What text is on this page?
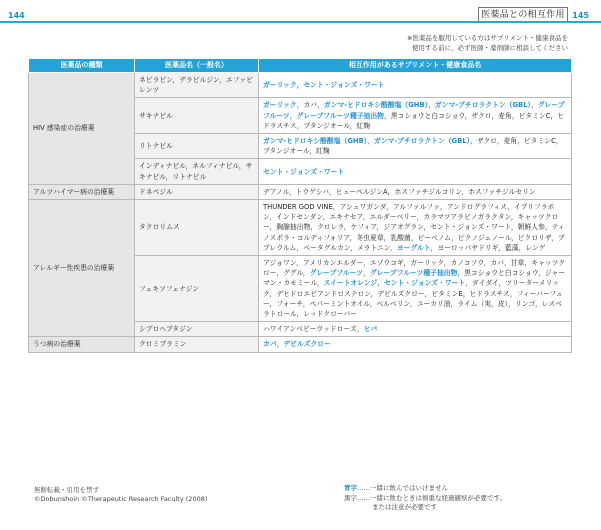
144	医薬品との相互作用 145
※医薬品を服用している方はサプリメント・健康食品を
使用する前に、必ず医師・薬剤師に相談してください
医薬品の種類	医薬品名（一般名）	相互作用があるサプリメント・健康食品名
HIV 感染症の治療薬	ネビラピン，デラビルジン，エファビレンツ	ガーリック，セント・ジョンズ・ワート
	サキナビル	ガーリック，カバ，ガンマ-ヒドロキシ酪酸塩（GHB），ガンマ-ブチロラクトン（GBL），グレープフルーツ，グレープフルーツ種子抽出物，黒コショウと白コショウ，ザクロ，麦角，ビタミンC，ヒドラスチス，ブタンジオール，紅麹
	リトナビル	ガンマ-ヒドロキシ酪酸塩（GHB），ガンマ-ブチロラクトン（GBL），ザクロ，麦角，ビタミンC，ブタンジオール，紅麹
	インディナビル，ネルフィナビル，サキナビル，リトナビル	セント・ジョンズ・ワート
アルツハイマー病の治療薬	ドネペジル	デアノル，トウゲシバ，ヒューペルジンA，ホスファチジルコリン，ホスファチジルセリン
アレルギー性疾患の治療薬	タクロリムス	THUNDER GOD VINE，アシュワガンダ，アルファルファ，アンドログラフィス，イプリフラボン，インドセンダン，エキナセア，エルダーベリー，カラマツアラビノガラクタン，キャッツクロー，胸腺抽出物，クロレラ，ケフィア，ジアオグラン，セント・ジョンズ・ワート，朝鮮人参，ティノスポラ・コルディフォリア，冬虫夏草，乳酸菌，ビーベノム，ピクノジェノール，ピクロリザ，ブプレウルム，ベータグルカン，メラトニン，ヨーグルト，ヨーロッパヤドリギ，藍藻，レンゲ
	フェキソフェナジン	アジョワン，アメリカンエルダー，エゾウコギ，ガーリック，カノコソウ，カバ，甘草，キャッツクロー，ググル，グレープフルーツ，グレープフルーツ種子抽出物，黒コショウと白コショウ，ジャーマン・カモミール，スイートオレンジ，セント・ジョンズ・ワート，ダイダイ，ツリーターメリック，デヒドロエピアンドロステロン，デビルズクロー，ビタミンE，ヒドラスチス，フィーバーフュー，フォーチ，ペパーミントオイル，ベルベリン，ユーカリ油，ライム（実，皮），リンゴ，レスベラトロール，レッドクローバー
	シプロヘプタジン	ハワイアンベビーウッドローズ，ヒバ
うつ病の治療薬	クロミプラミン	カバ，デビルズクロー
無断転載・引用を禁ず
©Dobunshoin ©Therapeutic Research Faculty (2008)
青字……一緒に飲んではいけません
黒字……一緒に飲むときは慎重な経過観察が必要です。
または注意が必要です
